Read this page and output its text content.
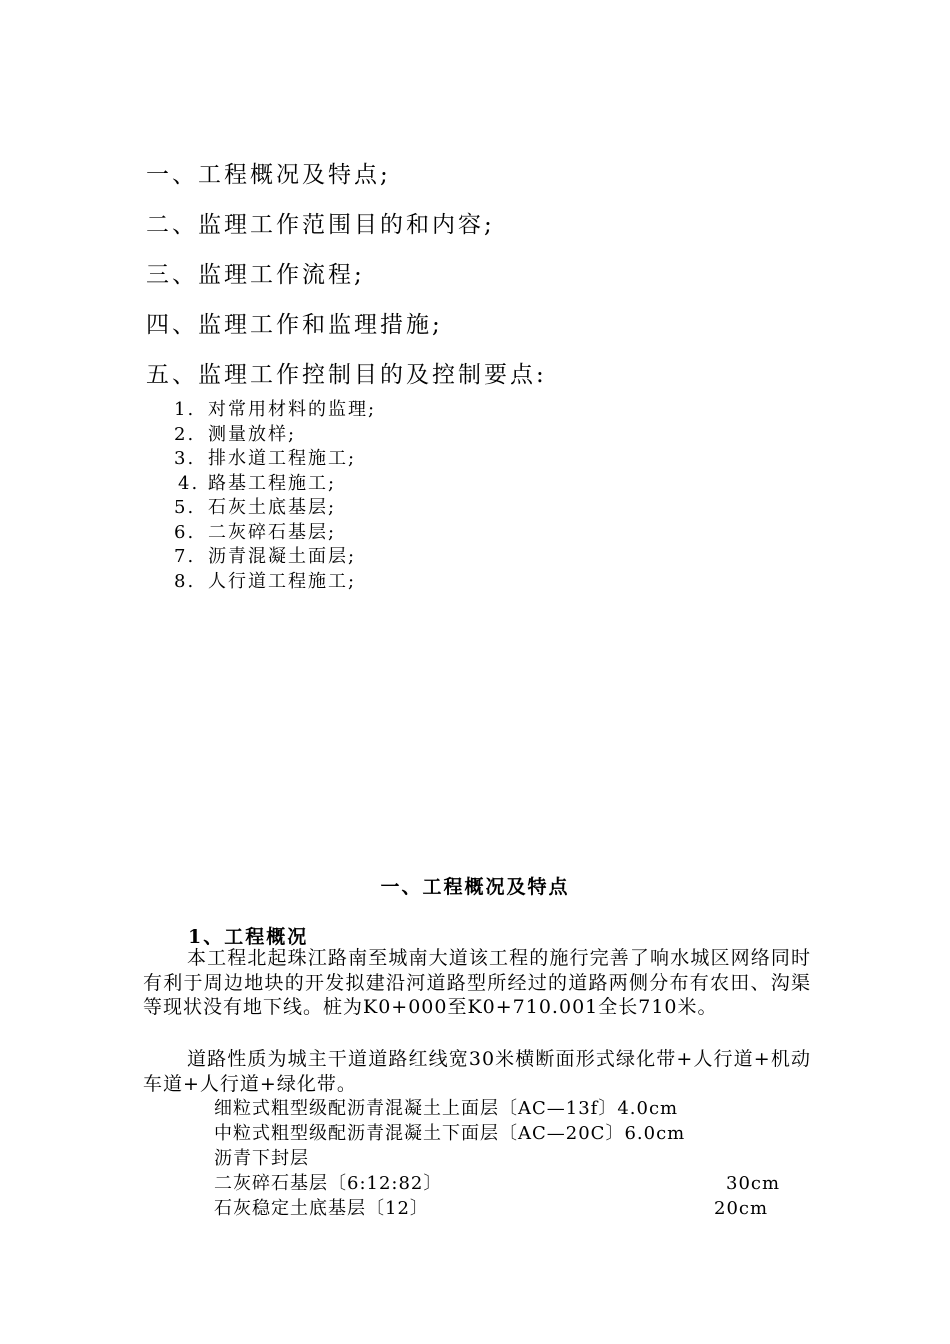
一、工程概况及特点;
二、监理工作范围目的和内容;
三、监理工作流程;
四、监理工作和监理措施;
五、监理工作控制目的及控制要点:
1. 对常用材料的监理;
2. 测量放样;
3. 排水道工程施工;
4. 路基工程施工;
5. 石灰土底基层;
6. 二灰碎石基层;
7. 沥青混凝土面层;
8. 人行道工程施工;
一、工程概况及特点
1、工程概况
本工程北起珠江路南至城南大道该工程的施行完善了响水城区网络同时有利于周边地块的开发拟建沿河道路型所经过的道路两侧分布有农田、沟渠等现状没有地下线。桩为K0+000至K0+710.001全长710米。
道路性质为城主干道道路红线宽30米横断面形式绿化带+人行道+机动车道+人行道+绿化带。
细粒式粗型级配沥青混凝土上面层〔AC—13f〕4.0cm
中粒式粗型级配沥青混凝土下面层〔AC—20C〕6.0cm
沥青下封层
二灰碎石基层〔6:12:82〕	30cm
石灰稳定土底基层〔12〕	20cm
